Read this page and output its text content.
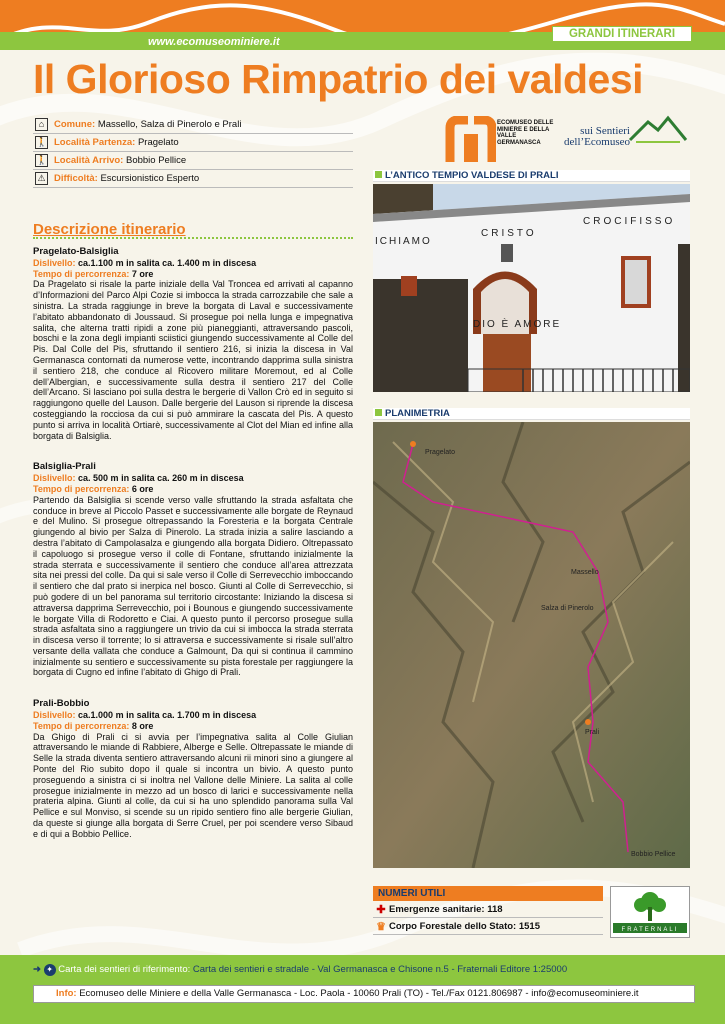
www.ecomuseominiere.it
GRANDI ITINERARI
Il Glorioso Rimpatrio dei valdesi
⌂	Comune:
Massello, Salza di Pinerolo e Prali
🚶 Località Partenza:
Pragelato
🚶 Località Arrivo:
Bobbio Pellice
⚠ Difficoltà:
Escursionistico Esperto
ECOMUSEO DELLE MINIERE E DELLA VALLE GERMANASCA
sui Sentieri
dell’Ecomuseo
Descrizione itinerario
Pragelato-Balsiglia
Dislivello: ca.1.100 m in salita ca. 1.400 m in discesa
Tempo di percorrenza: 7 ore

Da Pragelato si risale la parte iniziale della Val Troncea ed arrivati al capanno d’Informazioni del Parco Alpi Cozie si imbocca la strada carrozzabile che sale a sinistra. La strada raggiunge in breve la borgata di Laval e successivamente l’abitato abbandonato di Joussaud. Si prosegue poi nella lunga e impegnativa salita, che alterna tratti ripidi a zone più pianeggianti, attraversando pascoli, boschi e la zona degli impianti sciistici giungendo successivamente al Colle del Pis. Dal Colle del Pis, sfruttando il sentiero 216, si inizia la discesa in Val Germanasca contornati da numerose vette, incontrando dapprima sulla sinistra il sentiero 218, che conduce al Ricovero militare Moremout, ed al Colle dell’Albergian, e successivamente sulla destra il sentiero 217 del Colle dell’Arcano. Si lasciano poi sulla destra le bergerie di Vallon Crò ed in seguito si raggiungono quelle del Lauson. Dalle bergerie del Lauson si riprende la discesa costeggiando la rocciosa da cui si può ammirare la cascata del Pis. A questo punto si arriva in località Ortiarè, successivamente al Clot del Mian ed infine alla borgata di Balsiglia.

Balsiglia-Prali
Dislivello: ca. 500 m in salita ca. 260 m in discesa
Tempo di percorrenza: 6 ore

Partendo da Balsiglia si scende verso valle sfruttando la strada asfaltata che conduce in breve al Piccolo Passet e successivamente alle borgate de Reynaud e del Mulino. Si prosegue oltrepassando la Foresteria e la borgata Centrale giungendo al bivio per Salza di Pinerolo. La strada inizia a salire lasciando a destra l’abitato di Campolasalza e giungendo alla borgata Didiero. Oltrepassato il capoluogo si prosegue verso il colle di Fontane, sfruttando inizialmente la strada sterrata e successivamente il sentiero che conduce all’area attrezzata sita nei pressi del colle. Da qui si sale verso il Colle di Serrevecchio imboccando il sentiero che dal prato si inerpica nel bosco. Giunti al Colle di Serrevecchio, si può godere di un bel panorama sul territorio circostante: Iniziando la discesa si attraversa dapprima Serrevecchio, poi i Bounous e giungendo successivamente le borgate Villa di Rodoretto e Ciai. A questo punto il percorso prosegue sulla strada asfaltata sino a raggiungere un trivio da cui si imbocca la strada sterrata in discesa verso il torrente; lo si attraversa e successivamente si risale sull’altro versante della vallata che conduce a Galmount, Da qui si continua il cammino inizialmente su sentiero e successivamente su pista forestale per raggiungere la borgata di Cugno ed infine l’abitato di Ghigo di Prali.

Prali-Bobbio
Dislivello: ca.1.000 m in salita ca. 1.700 m in discesa
Tempo di percorrenza: 8 ore

Da Ghigo di Prali ci si avvia per l’impegnativa salita al Colle Giulian attraversando le miande di Rabbiere, Alberge e Selle. Oltrepassate le miande di Selle la strada diventa sentiero attraversando alcuni rii minori sino a giungere al Ponte del Rio subito dopo il quale si incontra un bivio. A questo punto proseguendo a sinistra ci si inoltra nel Vallone delle Miniere. La salita al colle prosegue inizialmente in mezzo ad un bosco di larici e successivamente nella prateria alpina. Giunti al colle, da cui si ha uno splendido panorama sulla Val Pellice e sul Monviso, si scende su un ripido sentiero fino alle bergerie Giulian, da queste si giunge alla borgata di Serre Cruel, per poi scendere verso Sibaud e di qui a Bobbio Pellice.

L’ANTICO TEMPIO VALDESE DI PRALI
CROCIFISSO
CRISTO
ICHIAMO
DIO È AMORE
PLANIMETRIA
Pragelato
Massello
Salza di Pinerolo
Prali
Bobbio Pellice
NUMERI UTILI
✚ Emergenze sanitarie:
118
♛ Corpo Forestale dello Stato:
1515	FRATERNALI
➜ ✦ Carta dei sentieri di riferimento: Carta dei sentieri e stradale - Val Germanasca e Chisone n.5 - Fraternali Editore 1:25000
Info: Ecomuseo delle Miniere e della Valle Germanasca - Loc. Paola - 10060 Prali (TO) - Tel./Fax 0121.806987 - info@ecomuseominiere.it
